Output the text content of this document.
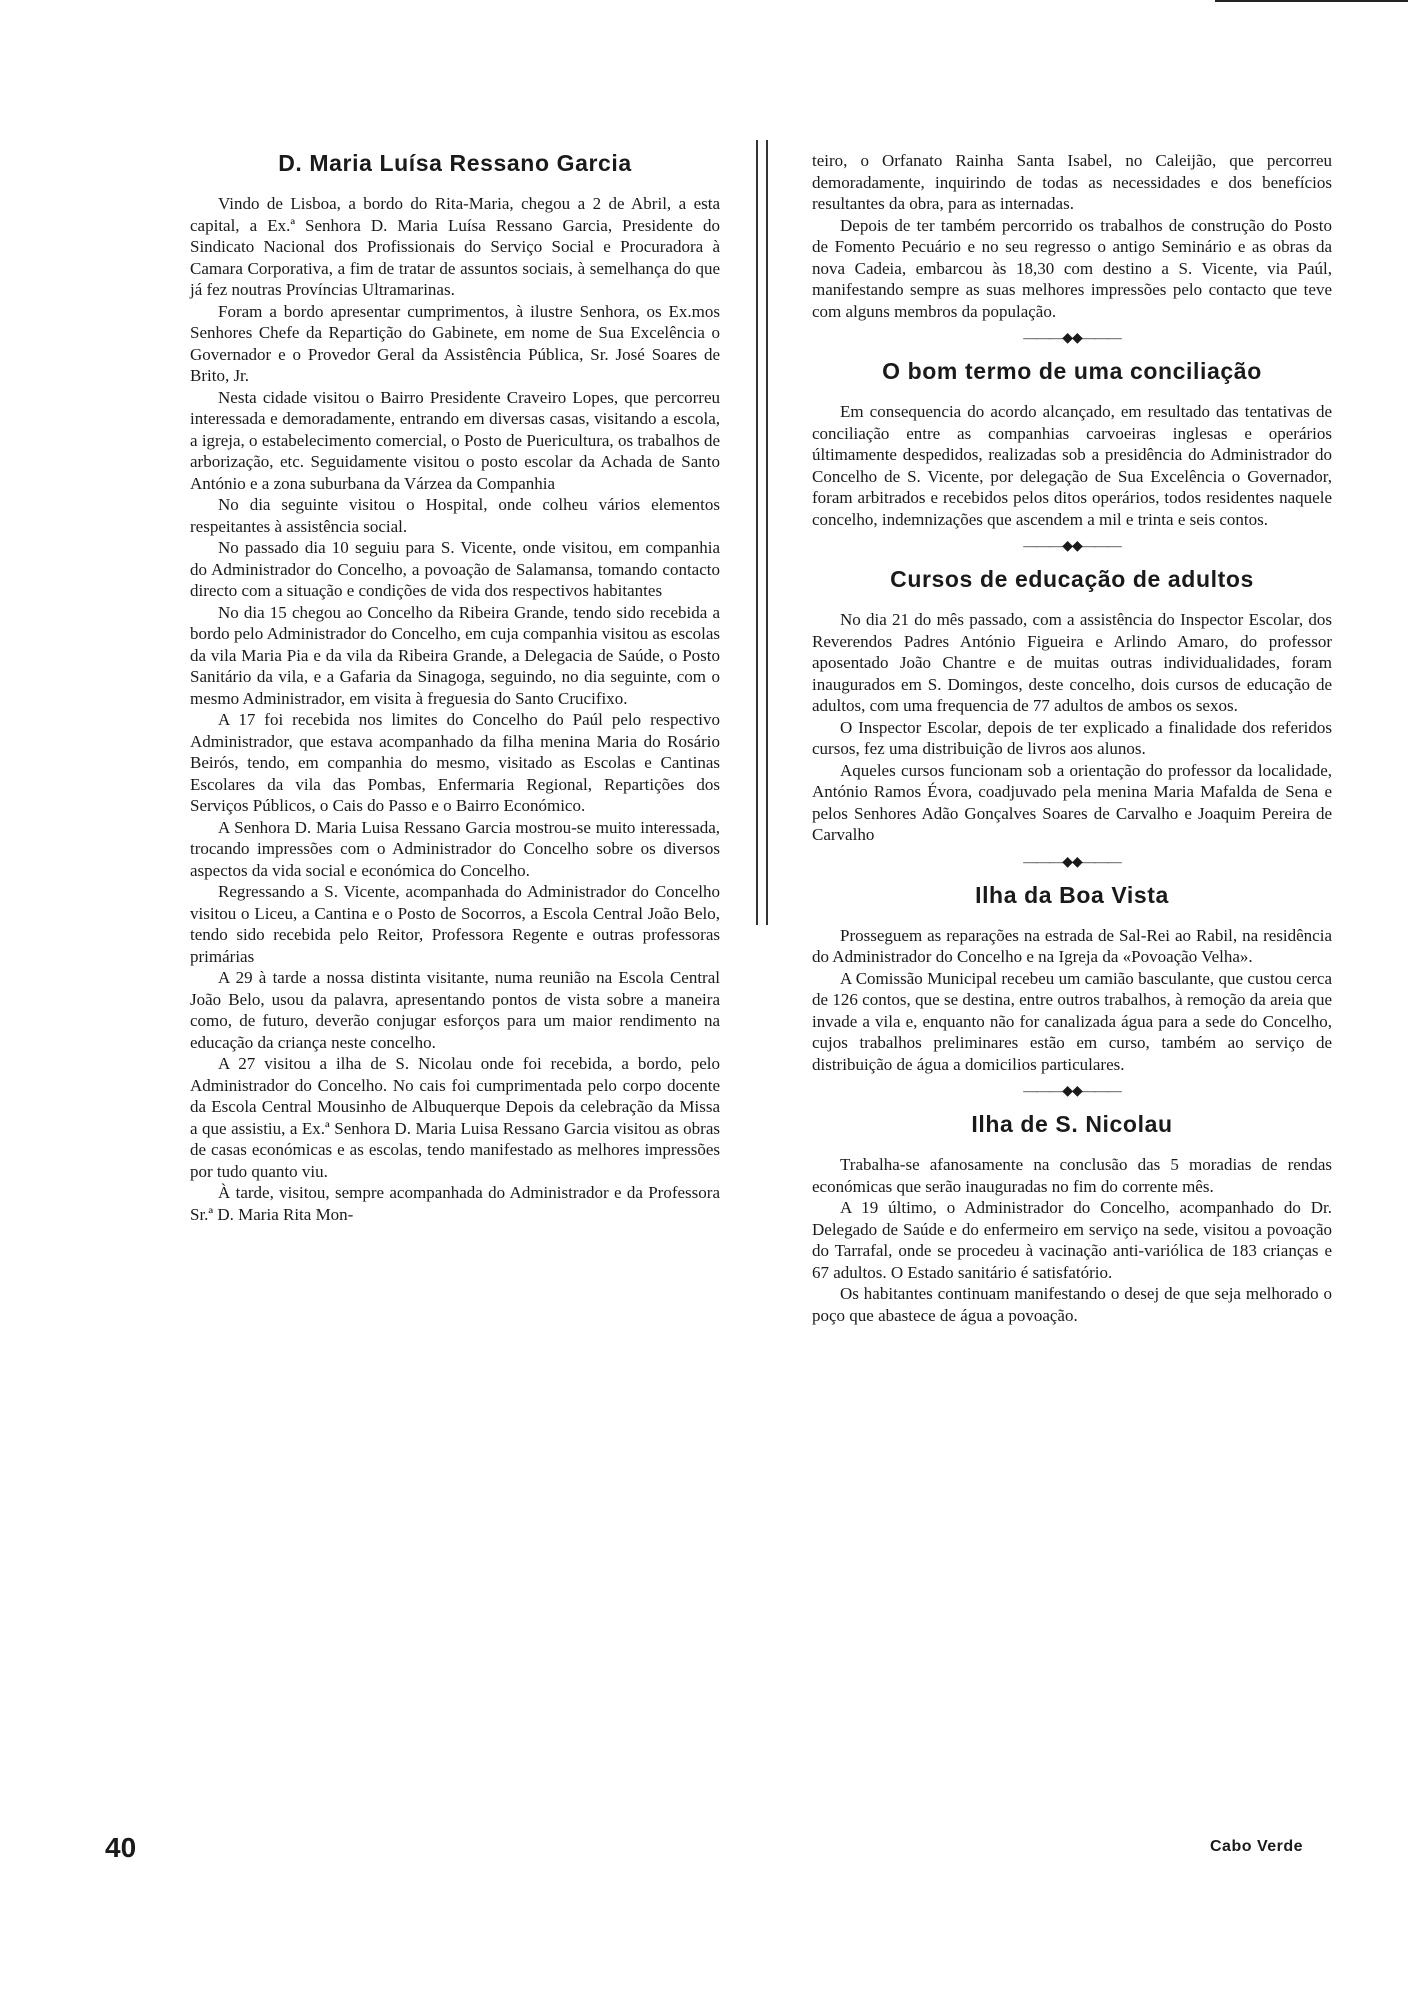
D. Maria Luísa Ressano Garcia

Vindo de Lisboa, a bordo do Rita-Maria, chegou a 2 de Abril, a esta capital, a Ex.ª Senhora D. Maria Luísa Ressano Garcia, Presidente do Sindicato Nacional dos Profissionais do Serviço Social e Procuradora à Camara Corporativa, a fim de tratar de assuntos sociais, à semelhança do que já fez noutras Províncias Ultramarinas.

Foram a bordo apresentar cumprimentos, à ilustre Senhora, os Ex.mos Senhores Chefe da Repartição do Gabinete, em nome de Sua Excelência o Governador e o Provedor Geral da Assistência Pública, Sr. José Soares de Brito, Jr.

Nesta cidade visitou o Bairro Presidente Craveiro Lopes, que percorreu interessada e demoradamente, entrando em diversas casas, visitando a escola, a igreja, o estabelecimento comercial, o Posto de Puericultura, os trabalhos de arborização, etc. Seguidamente visitou o posto escolar da Achada de Santo António e a zona suburbana da Várzea da Companhia

No dia seguinte visitou o Hospital, onde colheu vários elementos respeitantes à assistência social.

No passado dia 10 seguiu para S. Vicente, onde visitou, em companhia do Administrador do Concelho, a povoação de Salamansa, tomando contacto directo com a situação e condições de vida dos respectivos habitantes

No dia 15 chegou ao Concelho da Ribeira Grande, tendo sido recebida a bordo pelo Administrador do Concelho, em cuja companhia visitou as escolas da vila Maria Pia e da vila da Ribeira Grande, a Delegacia de Saúde, o Posto Sanitário da vila, e a Gafaria da Sinagoga, seguindo, no dia seguinte, com o mesmo Administrador, em visita à freguesia do Santo Crucifixo.

A 17 foi recebida nos limites do Concelho do Paúl pelo respectivo Administrador, que estava acompanhado da filha menina Maria do Rosário Beirós, tendo, em companhia do mesmo, visitado as Escolas e Cantinas Escolares da vila das Pombas, Enfermaria Regional, Repartições dos Serviços Públicos, o Cais do Passo e o Bairro Económico.

A Senhora D. Maria Luisa Ressano Garcia mostrou-se muito interessada, trocando impressões com o Administrador do Concelho sobre os diversos aspectos da vida social e económica do Concelho.

Regressando a S. Vicente, acompanhada do Administrador do Concelho visitou o Liceu, a Cantina e o Posto de Socorros, a Escola Central João Belo, tendo sido recebida pelo Reitor, Professora Regente e outras professoras primárias

A 29 à tarde a nossa distinta visitante, numa reunião na Escola Central João Belo, usou da palavra, apresentando pontos de vista sobre a maneira como, de futuro, deverão conjugar esforços para um maior rendimento na educação da criança neste concelho.

A 27 visitou a ilha de S. Nicolau onde foi recebida, a bordo, pelo Administrador do Concelho. No cais foi cumprimentada pelo corpo docente da Escola Central Mousinho de Albuquerque Depois da celebração da Missa a que assistiu, a Ex.ª Senhora D. Maria Luisa Ressano Garcia visitou as obras de casas económicas e as escolas, tendo manifestado as melhores impressões por tudo quanto viu.

À tarde, visitou, sempre acompanhada do Administrador e da Professora Sr.ª D. Maria Rita Mon-

teiro, o Orfanato Rainha Santa Isabel, no Caleijão, que percorreu demoradamente, inquirindo de todas as necessidades e dos benefícios resultantes da obra, para as internadas.

Depois de ter também percorrido os trabalhos de construção do Posto de Fomento Pecuário e no seu regresso o antigo Seminário e as obras da nova Cadeia, embarcou às 18,30 com destino a S. Vicente, via Paúl, manifestando sempre as suas melhores impressões pelo contacto que teve com alguns membros da população.

———◆◆———
O bom termo de uma conciliação

Em consequencia do acordo alcançado, em resultado das tentativas de conciliação entre as companhias carvoeiras inglesas e operários últimamente despedidos, realizadas sob a presidência do Administrador do Concelho de S. Vicente, por delegação de Sua Excelência o Governador, foram arbitrados e recebidos pelos ditos operários, todos residentes naquele concelho, indemnizações que ascendem a mil e trinta e seis contos.

———◆◆———
Cursos de educação de adultos

No dia 21 do mês passado, com a assistência do Inspector Escolar, dos Reverendos Padres António Figueira e Arlindo Amaro, do professor aposentado João Chantre e de muitas outras individualidades, foram inaugurados em S. Domingos, deste concelho, dois cursos de educação de adultos, com uma frequencia de 77 adultos de ambos os sexos.

O Inspector Escolar, depois de ter explicado a finalidade dos referidos cursos, fez uma distribuição de livros aos alunos.

Aqueles cursos funcionam sob a orientação do professor da localidade, António Ramos Évora, coadjuvado pela menina Maria Mafalda de Sena e pelos Senhores Adão Gonçalves Soares de Carvalho e Joaquim Pereira de Carvalho

———◆◆———
Ilha da Boa Vista

Prosseguem as reparações na estrada de Sal-Rei ao Rabil, na residência do Administrador do Concelho e na Igreja da «Povoação Velha».

A Comissão Municipal recebeu um camião basculante, que custou cerca de 126 contos, que se destina, entre outros trabalhos, à remoção da areia que invade a vila e, enquanto não for canalizada água para a sede do Concelho, cujos trabalhos preliminares estão em curso, também ao serviço de distribuição de água a domicilios particulares.

———◆◆———
Ilha de S. Nicolau

Trabalha-se afanosamente na conclusão das 5 moradias de rendas económicas que serão inauguradas no fim do corrente mês.

A 19 último, o Administrador do Concelho, acompanhado do Dr. Delegado de Saúde e do enfermeiro em serviço na sede, visitou a povoação do Tarrafal, onde se procedeu à vacinação anti-variólica de 183 crianças e 67 adultos. O Estado sanitário é satisfatório.

Os habitantes continuam manifestando o desej de que seja melhorado o poço que abastece de água a povoação.

40	Cabo Verde
